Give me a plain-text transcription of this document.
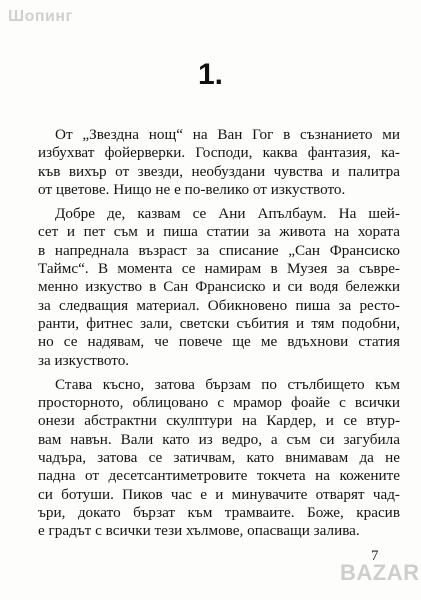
Шопинг
1.
От „Звездна нощ“ на Ван Гог в съзнанието ми
избухват фойерверки. Господи, каква фантазия, ка-
къв вихър от звезди, необуздани чувства и палитра
от цветове. Нищо не е по-велико от изкуството.
Добре де, казвам се Ани Апълбаум. На шей-
сет и пет съм и пиша статии за живота на хората
в напреднала възраст за списание „Сан Франсиско
Таймс“. В момента се намирам в Музея за съвре-
менно изкуство в Сан Франсиско и си водя бележки
за следващия материал. Обикновено пиша за ресто-
ранти, фитнес зали, светски събития и тям подобни,
но се надявам, че повече ще ме вдъхнови статия
за изкуството.
Става късно, затова бързам по стълбището към
просторното, облицовано с мрамор фоайе с всички
онези абстрактни скулптури на Кардер, и се втур-
вам навън. Вали като из ведро, а съм си загубила
чадъра, затова се затичвам, като внимавам да не
падна от десетсантиметровите токчета на кожените
си ботуши. Пиков час е и минувачите отварят чад-
ъри, докато бързат към трамваите. Боже, красив
е градът с всички тези хълмове, опасващи залива.
7
BAZAR
